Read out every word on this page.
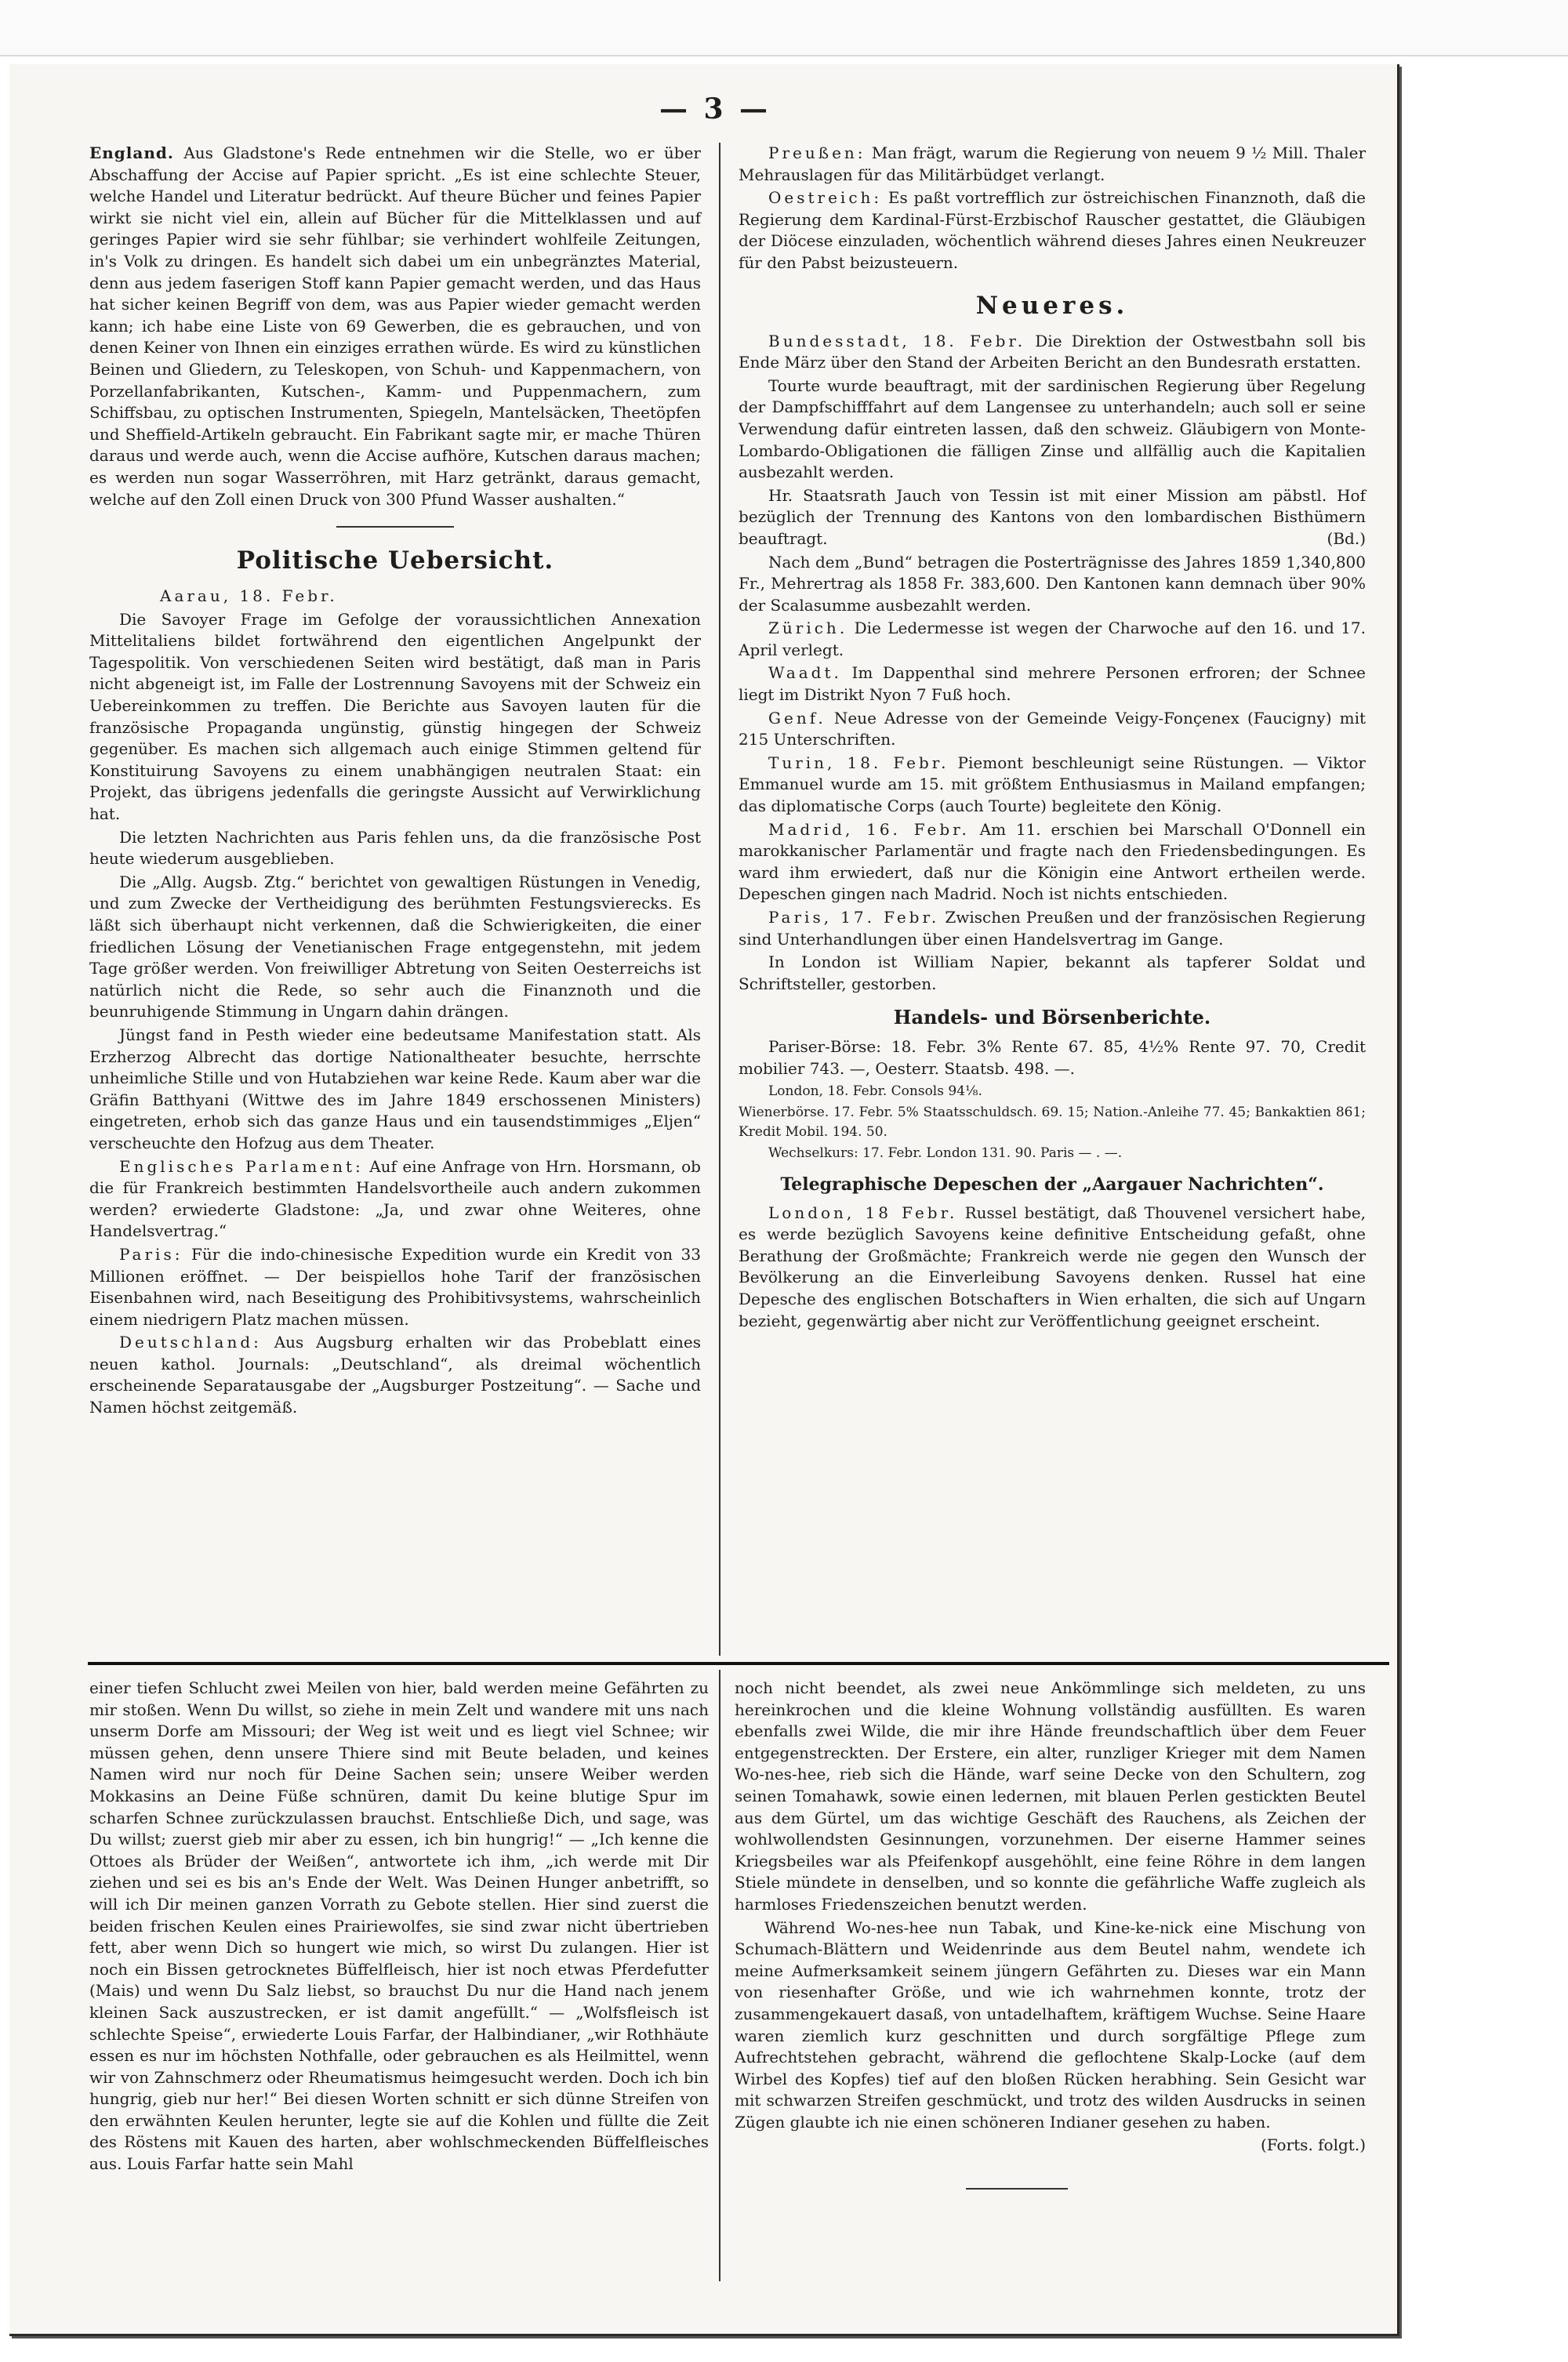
— 3 —

England. Aus Gladstone's Rede entnehmen wir die Stelle, wo er über Abschaffung der Accise auf Papier spricht. „Es ist eine schlechte Steuer, welche Handel und Literatur bedrückt. Auf theure Bücher und feines Papier wirkt sie nicht viel ein, allein auf Bücher für die Mittelklassen und auf geringes Papier wird sie sehr fühlbar; sie verhindert wohlfeile Zeitungen, in's Volk zu dringen. Es handelt sich dabei um ein unbegränztes Material, denn aus jedem faserigen Stoff kann Papier gemacht werden, und das Haus hat sicher keinen Begriff von dem, was aus Papier wieder gemacht werden kann; ich habe eine Liste von 69 Gewerben, die es gebrauchen, und von denen Keiner von Ihnen ein einziges errathen würde. Es wird zu künstlichen Beinen und Gliedern, zu Teleskopen, von Schuh- und Kappenmachern, von Porzellanfabrikanten, Kutschen-, Kamm- und Puppenmachern, zum Schiffsbau, zu optischen Instrumenten, Spiegeln, Mantelsäcken, Theetöpfen und Sheffield-Artikeln gebraucht. Ein Fabrikant sagte mir, er mache Thüren daraus und werde auch, wenn die Accise aufhöre, Kutschen daraus machen; es werden nun sogar Wasserröhren, mit Harz getränkt, daraus gemacht, welche auf den Zoll einen Druck von 300 Pfund Wasser aushalten.“

Politische Uebersicht.

Aarau, 18. Febr.

Die Savoyer Frage im Gefolge der voraussichtlichen Annexation Mittelitaliens bildet fortwährend den eigentlichen Angelpunkt der Tagespolitik. Von verschiedenen Seiten wird bestätigt, daß man in Paris nicht abgeneigt ist, im Falle der Lostrennung Savoyens mit der Schweiz ein Uebereinkommen zu treffen. Die Berichte aus Savoyen lauten für die französische Propaganda ungünstig, günstig hingegen der Schweiz gegenüber. Es machen sich allgemach auch einige Stimmen geltend für Konstituirung Savoyens zu einem unabhängigen neutralen Staat: ein Projekt, das übrigens jedenfalls die geringste Aussicht auf Verwirklichung hat.

Die letzten Nachrichten aus Paris fehlen uns, da die französische Post heute wiederum ausgeblieben.

Die „Allg. Augsb. Ztg.“ berichtet von gewaltigen Rüstungen in Venedig, und zum Zwecke der Vertheidigung des berühmten Festungsvierecks. Es läßt sich überhaupt nicht verkennen, daß die Schwierigkeiten, die einer friedlichen Lösung der Venetianischen Frage entgegenstehn, mit jedem Tage größer werden. Von freiwilliger Abtretung von Seiten Oesterreichs ist natürlich nicht die Rede, so sehr auch die Finanznoth und die beunruhigende Stimmung in Ungarn dahin drängen.

Jüngst fand in Pesth wieder eine bedeutsame Manifestation statt. Als Erzherzog Albrecht das dortige Nationaltheater besuchte, herrschte unheimliche Stille und von Hutabziehen war keine Rede. Kaum aber war die Gräfin Batthyani (Wittwe des im Jahre 1849 erschossenen Ministers) eingetreten, erhob sich das ganze Haus und ein tausendstimmiges „Eljen“ verscheuchte den Hofzug aus dem Theater.

Englisches Parlament: Auf eine Anfrage von Hrn. Horsmann, ob die für Frankreich bestimmten Handelsvortheile auch andern zukommen werden? erwiederte Gladstone: „Ja, und zwar ohne Weiteres, ohne Handelsvertrag.“

Paris: Für die indo-chinesische Expedition wurde ein Kredit von 33 Millionen eröffnet. — Der beispiellos hohe Tarif der französischen Eisenbahnen wird, nach Beseitigung des Prohibitivsystems, wahrscheinlich einem niedrigern Platz machen müssen.

Deutschland: Aus Augsburg erhalten wir das Probeblatt eines neuen kathol. Journals: „Deutschland“, als dreimal wöchentlich erscheinende Separatausgabe der „Augsburger Postzeitung“. — Sache und Namen höchst zeitgemäß.

Preußen: Man frägt, warum die Regierung von neuem 9 ½ Mill. Thaler Mehrauslagen für das Militärbüdget verlangt.

Oestreich: Es paßt vortrefflich zur östreichischen Finanznoth, daß die Regierung dem Kardinal-Fürst-Erzbischof Rauscher gestattet, die Gläubigen der Diöcese einzuladen, wöchentlich während dieses Jahres einen Neukreuzer für den Pabst beizusteuern.

Neueres.

Bundesstadt, 18. Febr. Die Direktion der Ostwestbahn soll bis Ende März über den Stand der Arbeiten Bericht an den Bundesrath erstatten.

Tourte wurde beauftragt, mit der sardinischen Regierung über Regelung der Dampfschifffahrt auf dem Langensee zu unterhandeln; auch soll er seine Verwendung dafür eintreten lassen, daß den schweiz. Gläubigern von Monte-Lombardo-Obligationen die fälligen Zinse und allfällig auch die Kapitalien ausbezahlt werden.

Hr. Staatsrath Jauch von Tessin ist mit einer Mission am päbstl. Hof bezüglich der Trennung des Kantons von den lombardischen Bisthümern beauftragt.	(Bd.)

Nach dem „Bund“ betragen die Posterträgnisse des Jahres 1859 1,340,800 Fr., Mehrertrag als 1858 Fr. 383,600. Den Kantonen kann demnach über 90% der Scalasumme ausbezahlt werden.

Zürich. Die Ledermesse ist wegen der Charwoche auf den 16. und 17. April verlegt.

Waadt. Im Dappenthal sind mehrere Personen erfroren; der Schnee liegt im Distrikt Nyon 7 Fuß hoch.

Genf. Neue Adresse von der Gemeinde Veigy-Fonçenex (Faucigny) mit 215 Unterschriften.

Turin, 18. Febr. Piemont beschleunigt seine Rüstungen. — Viktor Emmanuel wurde am 15. mit größtem Enthusiasmus in Mailand empfangen; das diplomatische Corps (auch Tourte) begleitete den König.

Madrid, 16. Febr. Am 11. erschien bei Marschall O'Donnell ein marokkanischer Parlamentär und fragte nach den Friedensbedingungen. Es ward ihm erwiedert, daß nur die Königin eine Antwort ertheilen werde. Depeschen gingen nach Madrid. Noch ist nichts entschieden.

Paris, 17. Febr. Zwischen Preußen und der französischen Regierung sind Unterhandlungen über einen Handelsvertrag im Gange.

In London ist William Napier, bekannt als tapferer Soldat und Schriftsteller, gestorben.

Handels- und Börsenberichte.

Pariser-Börse: 18. Febr. 3% Rente 67. 85, 4½% Rente 97. 70, Credit mobilier 743. —, Oesterr. Staatsb. 498. —.

London, 18. Febr. Consols 94⅛.

Wienerbörse. 17. Febr. 5% Staatsschuldsch. 69. 15; Nation.-Anleihe 77. 45; Bankaktien 861; Kredit Mobil. 194. 50.

Wechselkurs: 17. Febr. London 131. 90. Paris — . —.

Telegraphische Depeschen der „Aargauer Nachrichten“.

London, 18 Febr. Russel bestätigt, daß Thouvenel versichert habe, es werde bezüglich Savoyens keine definitive Entscheidung gefaßt, ohne Berathung der Großmächte; Frankreich werde nie gegen den Wunsch der Bevölkerung an die Einverleibung Savoyens denken. Russel hat eine Depesche des englischen Botschafters in Wien erhalten, die sich auf Ungarn bezieht, gegenwärtig aber nicht zur Veröffentlichung geeignet erscheint.

einer tiefen Schlucht zwei Meilen von hier, bald werden meine Gefährten zu mir stoßen. Wenn Du willst, so ziehe in mein Zelt und wandere mit uns nach unserm Dorfe am Missouri; der Weg ist weit und es liegt viel Schnee; wir müssen gehen, denn unsere Thiere sind mit Beute beladen, und keines Namen wird nur noch für Deine Sachen sein; unsere Weiber werden Mokkasins an Deine Füße schnüren, damit Du keine blutige Spur im scharfen Schnee zurückzulassen brauchst. Entschließe Dich, und sage, was Du willst; zuerst gieb mir aber zu essen, ich bin hungrig!“ — „Ich kenne die Ottoes als Brüder der Weißen“, antwortete ich ihm, „ich werde mit Dir ziehen und sei es bis an's Ende der Welt. Was Deinen Hunger anbetrifft, so will ich Dir meinen ganzen Vorrath zu Gebote stellen. Hier sind zuerst die beiden frischen Keulen eines Prairiewolfes, sie sind zwar nicht übertrieben fett, aber wenn Dich so hungert wie mich, so wirst Du zulangen. Hier ist noch ein Bissen getrocknetes Büffelfleisch, hier ist noch etwas Pferdefutter (Mais) und wenn Du Salz liebst, so brauchst Du nur die Hand nach jenem kleinen Sack auszustrecken, er ist damit angefüllt.“ — „Wolfsfleisch ist schlechte Speise“, erwiederte Louis Farfar, der Halbindianer, „wir Rothhäute essen es nur im höchsten Nothfalle, oder gebrauchen es als Heilmittel, wenn wir von Zahnschmerz oder Rheumatismus heimgesucht werden. Doch ich bin hungrig, gieb nur her!“ Bei diesen Worten schnitt er sich dünne Streifen von den erwähnten Keulen herunter, legte sie auf die Kohlen und füllte die Zeit des Röstens mit Kauen des harten, aber wohlschmeckenden Büffelfleisches aus. Louis Farfar hatte sein Mahl

noch nicht beendet, als zwei neue Ankömmlinge sich meldeten, zu uns hereinkrochen und die kleine Wohnung vollständig ausfüllten. Es waren ebenfalls zwei Wilde, die mir ihre Hände freundschaftlich über dem Feuer entgegenstreckten. Der Erstere, ein alter, runzliger Krieger mit dem Namen Wo-nes-hee, rieb sich die Hände, warf seine Decke von den Schultern, zog seinen Tomahawk, sowie einen ledernen, mit blauen Perlen gestickten Beutel aus dem Gürtel, um das wichtige Geschäft des Rauchens, als Zeichen der wohlwollendsten Gesinnungen, vorzunehmen. Der eiserne Hammer seines Kriegsbeiles war als Pfeifenkopf ausgehöhlt, eine feine Röhre in dem langen Stiele mündete in denselben, und so konnte die gefährliche Waffe zugleich als harmloses Friedenszeichen benutzt werden.

Während Wo-nes-hee nun Tabak, und Kine-ke-nick eine Mischung von Schumach-Blättern und Weidenrinde aus dem Beutel nahm, wendete ich meine Aufmerksamkeit seinem jüngern Gefährten zu. Dieses war ein Mann von riesenhafter Größe, und wie ich wahrnehmen konnte, trotz der zusammengekauert dasaß, von untadelhaftem, kräftigem Wuchse. Seine Haare waren ziemlich kurz geschnitten und durch sorgfältige Pflege zum Aufrechtstehen gebracht, während die geflochtene Skalp-Locke (auf dem Wirbel des Kopfes) tief auf den bloßen Rücken herabhing. Sein Gesicht war mit schwarzen Streifen geschmückt, und trotz des wilden Ausdrucks in seinen Zügen glaubte ich nie einen schöneren Indianer gesehen zu haben.

(Forts. folgt.)
